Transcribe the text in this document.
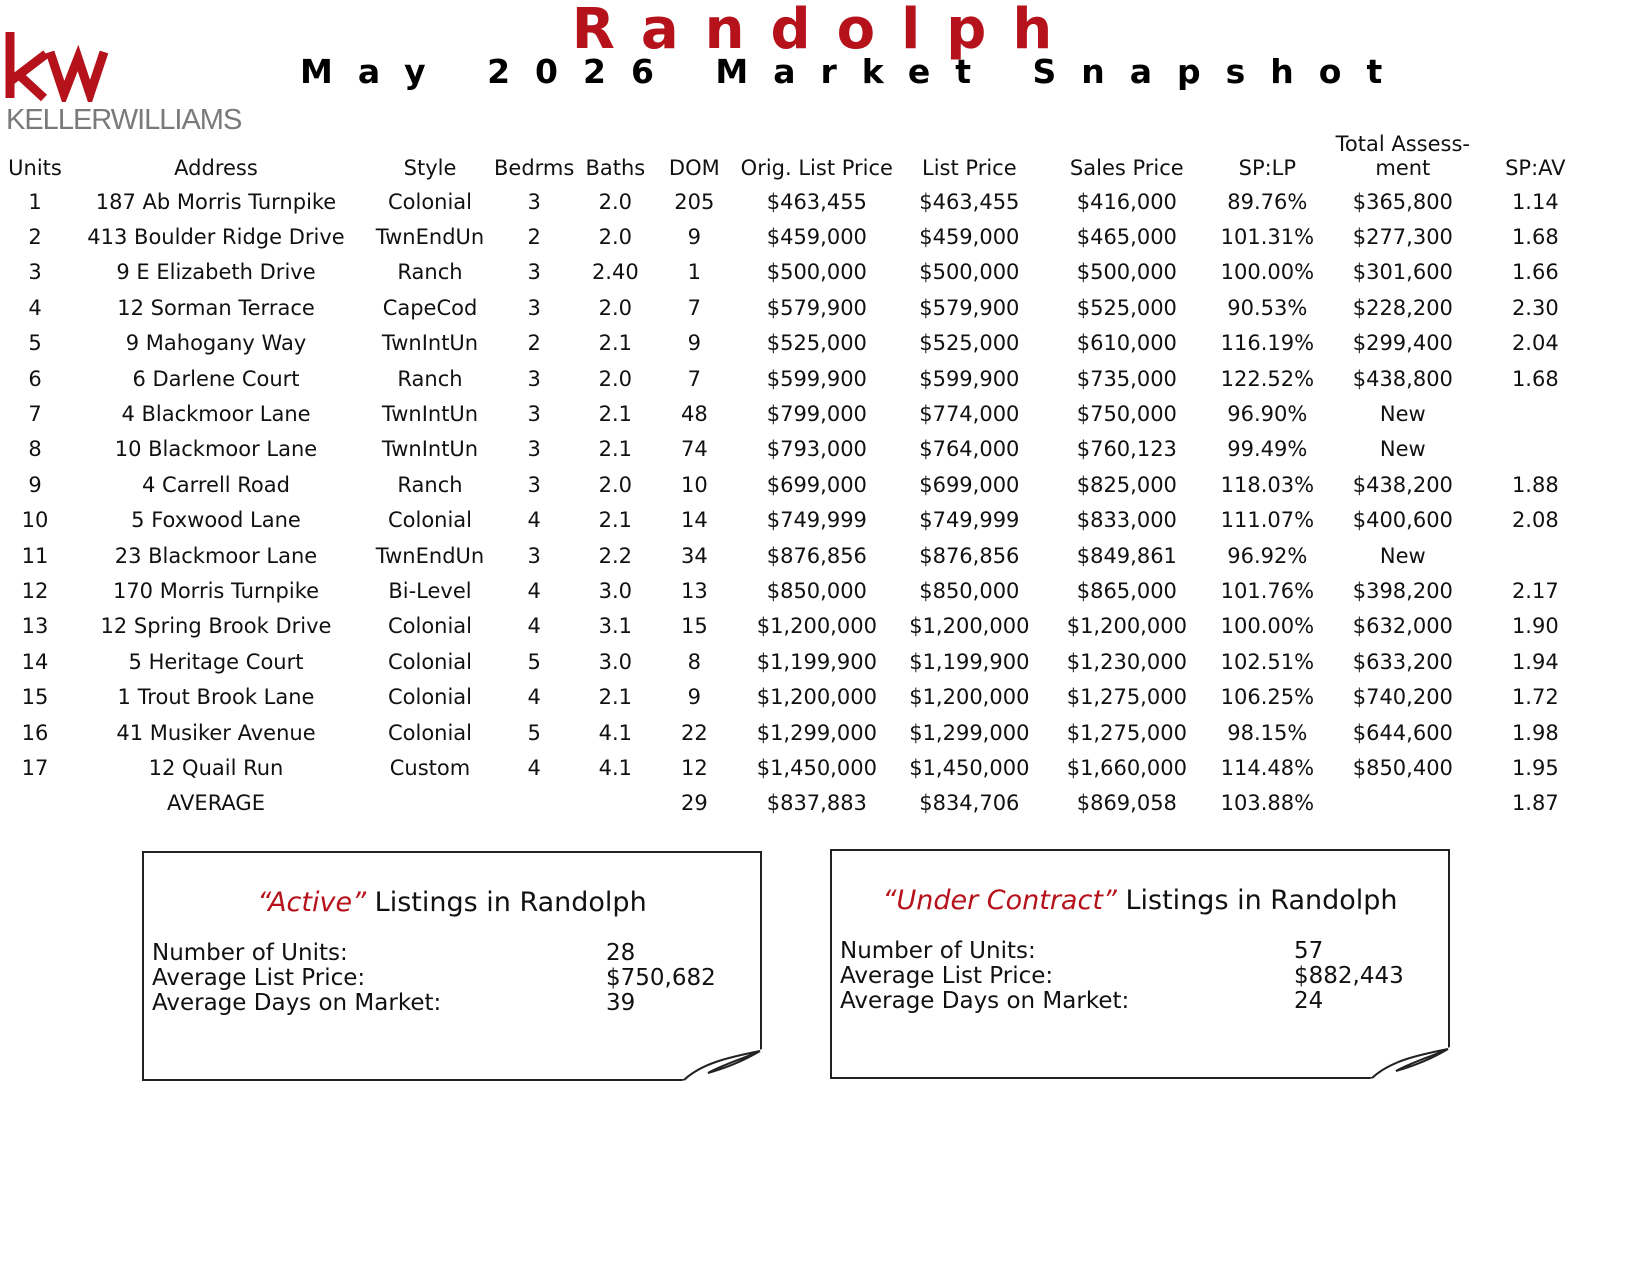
KELLERWILLIAMS
Randolph
May 2026 Market Snapshot
Units	Address	Style	Bedrms	Baths	DOM	Orig. List Price	List Price	Sales Price	SP:LP	Total Assess-
ment	SP:AV
1	187 Ab Morris Turnpike	Colonial	3	2.0	205	$463,455	$463,455	$416,000	89.76%	$365,800	1.14
2	413 Boulder Ridge Drive	TwnEndUn	2	2.0	9	$459,000	$459,000	$465,000	101.31%	$277,300	1.68
3	9 E Elizabeth Drive	Ranch	3	2.40	1	$500,000	$500,000	$500,000	100.00%	$301,600	1.66
4	12 Sorman Terrace	CapeCod	3	2.0	7	$579,900	$579,900	$525,000	90.53%	$228,200	2.30
5	9 Mahogany Way	TwnIntUn	2	2.1	9	$525,000	$525,000	$610,000	116.19%	$299,400	2.04
6	6 Darlene Court	Ranch	3	2.0	7	$599,900	$599,900	$735,000	122.52%	$438,800	1.68
7	4 Blackmoor Lane	TwnIntUn	3	2.1	48	$799,000	$774,000	$750,000	96.90%	New	
8	10 Blackmoor Lane	TwnIntUn	3	2.1	74	$793,000	$764,000	$760,123	99.49%	New	
9	4 Carrell Road	Ranch	3	2.0	10	$699,000	$699,000	$825,000	118.03%	$438,200	1.88
10	5 Foxwood Lane	Colonial	4	2.1	14	$749,999	$749,999	$833,000	111.07%	$400,600	2.08
11	23 Blackmoor Lane	TwnEndUn	3	2.2	34	$876,856	$876,856	$849,861	96.92%	New	
12	170 Morris Turnpike	Bi-Level	4	3.0	13	$850,000	$850,000	$865,000	101.76%	$398,200	2.17
13	12 Spring Brook Drive	Colonial	4	3.1	15	$1,200,000	$1,200,000	$1,200,000	100.00%	$632,000	1.90
14	5 Heritage Court	Colonial	5	3.0	8	$1,199,900	$1,199,900	$1,230,000	102.51%	$633,200	1.94
15	1 Trout Brook Lane	Colonial	4	2.1	9	$1,200,000	$1,200,000	$1,275,000	106.25%	$740,200	1.72
16	41 Musiker Avenue	Colonial	5	4.1	22	$1,299,000	$1,299,000	$1,275,000	98.15%	$644,600	1.98
17	12 Quail Run	Custom	4	4.1	12	$1,450,000	$1,450,000	$1,660,000	114.48%	$850,400	1.95
	AVERAGE				29	$837,883	$834,706	$869,058	103.88%		1.87
“Active” Listings in Randolph
Number of Units:	28
Average List Price:	$750,682
Average Days on Market:	39
“Under Contract” Listings in Randolph
Number of Units:	57
Average List Price:	$882,443
Average Days on Market:	24
